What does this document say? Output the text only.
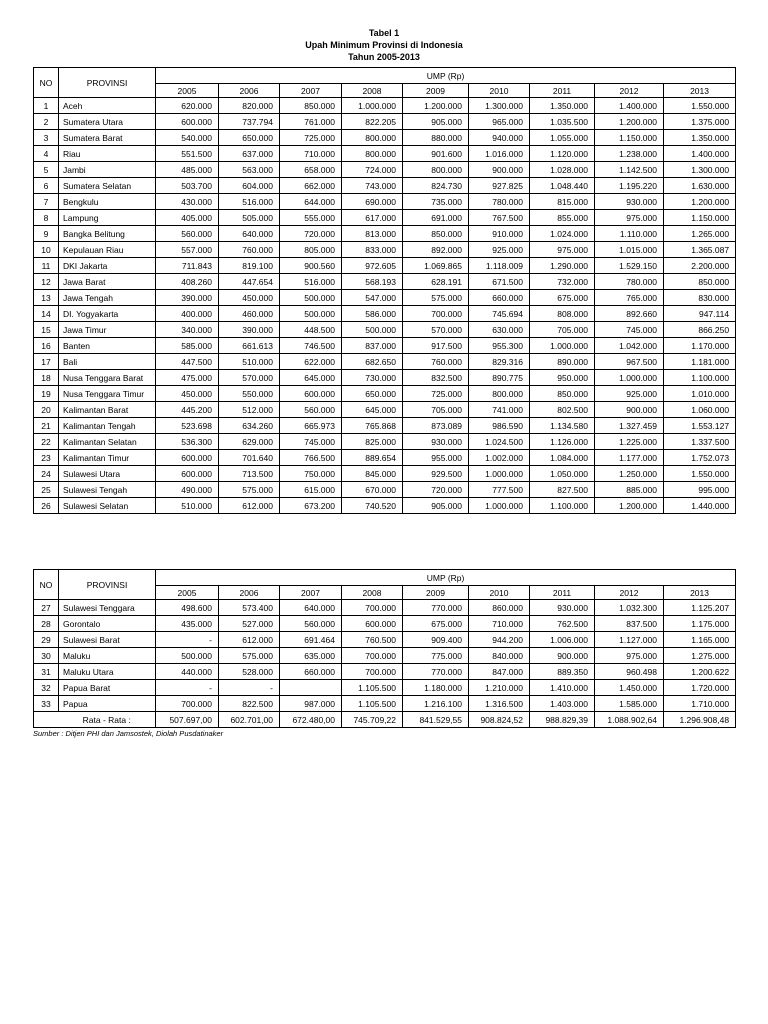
Tabel 1
Upah Minimum Provinsi di Indonesia
Tahun 2005-2013
NO	PROVINSI	UMP (Rp)								
		2005	2006	2007	2008	2009	2010	2011	2012	2013
1	Aceh	620.000	820.000	850.000	1.000.000	1.200.000	1.300.000	1.350.000	1.400.000	1.550.000
2	Sumatera Utara	600.000	737.794	761.000	822.205	905.000	965.000	1.035.500	1.200.000	1.375.000
3	Sumatera Barat	540.000	650.000	725.000	800.000	880.000	940.000	1.055.000	1.150.000	1.350.000
4	Riau	551.500	637.000	710.000	800.000	901.600	1.016.000	1.120.000	1.238.000	1.400.000
5	Jambi	485.000	563.000	658.000	724.000	800.000	900.000	1.028.000	1.142.500	1.300.000
6	Sumatera Selatan	503.700	604.000	662.000	743.000	824.730	927.825	1.048.440	1.195.220	1.630.000
7	Bengkulu	430.000	516.000	644.000	690.000	735.000	780.000	815.000	930.000	1.200.000
8	Lampung	405.000	505.000	555.000	617.000	691.000	767.500	855.000	975.000	1.150.000
9	Bangka Belitung	560.000	640.000	720.000	813.000	850.000	910.000	1.024.000	1.110.000	1.265.000
10	Kepulauan Riau	557.000	760.000	805.000	833.000	892.000	925.000	975.000	1.015.000	1.365.087
11	DKI Jakarta	711.843	819.100	900.560	972.605	1.069.865	1.118.009	1.290.000	1.529.150	2.200.000
12	Jawa Barat	408.260	447.654	516.000	568.193	628.191	671.500	732.000	780.000	850.000
13	Jawa Tengah	390.000	450.000	500.000	547.000	575.000	660.000	675.000	765.000	830.000
14	DI. Yogyakarta	400.000	460.000	500.000	586.000	700.000	745.694	808.000	892.660	947.114
15	Jawa Timur	340.000	390.000	448.500	500.000	570.000	630.000	705.000	745.000	866.250
16	Banten	585.000	661.613	746.500	837.000	917.500	955.300	1.000.000	1.042.000	1.170.000
17	Bali	447.500	510.000	622.000	682.650	760.000	829.316	890.000	967.500	1.181.000
18	Nusa Tenggara Barat	475.000	570.000	645.000	730.000	832.500	890.775	950.000	1.000.000	1.100.000
19	Nusa Tenggara Timur	450.000	550.000	600.000	650.000	725.000	800.000	850.000	925.000	1.010.000
20	Kalimantan Barat	445.200	512.000	560.000	645.000	705.000	741.000	802.500	900.000	1.060.000
21	Kalimantan Tengah	523.698	634.260	665.973	765.868	873.089	986.590	1.134.580	1.327.459	1.553.127
22	Kalimantan Selatan	536.300	629.000	745.000	825.000	930.000	1.024.500	1.126.000	1.225.000	1.337.500
23	Kalimantan Timur	600.000	701.640	766.500	889.654	955.000	1.002.000	1.084.000	1.177.000	1.752.073
24	Sulawesi Utara	600.000	713.500	750.000	845.000	929.500	1.000.000	1.050.000	1.250.000	1.550.000
25	Sulawesi Tengah	490.000	575.000	615.000	670.000	720.000	777.500	827.500	885.000	995.000
26	Sulawesi Selatan	510.000	612.000	673.200	740.520	905.000	1.000.000	1.100.000	1.200.000	1.440.000
NO	PROVINSI	UMP (Rp)								
		2005	2006	2007	2008	2009	2010	2011	2012	2013
27	Sulawesi Tenggara	498.600	573.400	640.000	700.000	770.000	860.000	930.000	1.032.300	1.125.207
28	Gorontalo	435.000	527.000	560.000	600.000	675.000	710.000	762.500	837.500	1.175.000
29	Sulawesi Barat	-	612.000	691.464	760.500	909.400	944.200	1.006.000	1.127.000	1.165.000
30	Maluku	500.000	575.000	635.000	700.000	775.000	840.000	900.000	975.000	1.275.000
31	Maluku Utara	440.000	528.000	660.000	700.000	770.000	847.000	889.350	960.498	1.200.622
32	Papua Barat	-	-		1.105.500	1.180.000	1.210.000	1.410.000	1.450.000	1.720.000
33	Papua	700.000	822.500	987.000	1.105.500	1.216.100	1.316.500	1.403.000	1.585.000	1.710.000
	Rata - Rata :	507.697,00	602.701,00	672.480,00	745.709,22	841.529,55	908.824,52	988.829,39	1.088.902,64	1.296.908,48
Sumber : Ditjen PHI dan Jamsostek, Diolah Pusdatinaker
